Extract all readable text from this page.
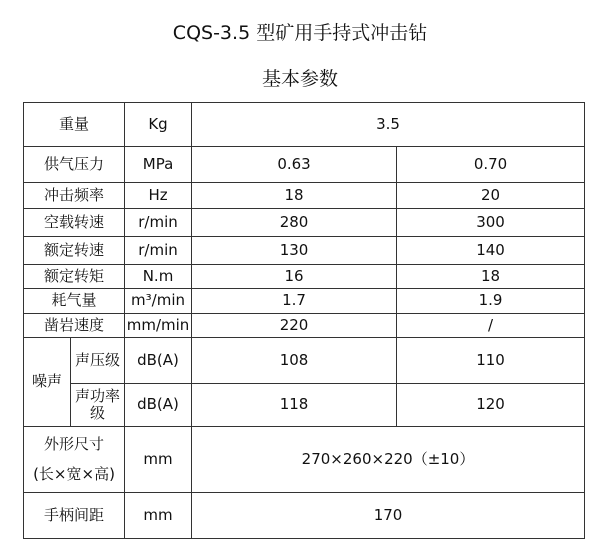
CQS-3.5 型矿用手持式冲击钻
基本参数
重量		Kg	3.5	
供气压力		MPa	0.63	0.70
冲击频率		Hz	18	20
空载转速		r/min	280	300
额定转速		r/min	130	140
额定转矩		N.m	16	18
耗气量		m³/min	1.7	1.9
凿岩速度		mm/min	220	/
噪声	声压级	dB(A)	108	110
	声功率级	dB(A)	118	120

外形尺寸
(长×宽×高)		mm	270×260×220（±10）	
手柄间距		mm	170	
